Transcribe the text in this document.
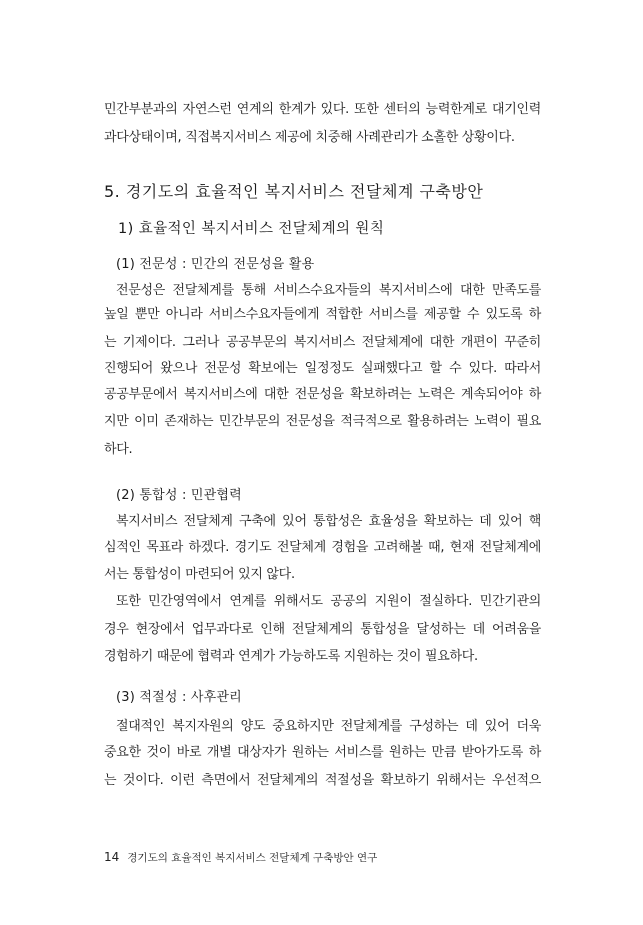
민간부분과의 자연스런 연계의 한계가 있다. 또한 센터의 능력한계로 대기인력
과다상태이며, 직접복지서비스 제공에 치중해 사례관리가 소홀한 상황이다.
5. 경기도의 효율적인 복지서비스 전달체계 구축방안
1) 효율적인 복지서비스 전달체계의 원칙
(1) 전문성 : 민간의 전문성을 활용
전문성은 전달체계를 통해 서비스수요자들의 복지서비스에 대한 만족도를
높일 뿐만 아니라 서비스수요자들에게 적합한 서비스를 제공할 수 있도록 하
는 기제이다. 그러나 공공부문의 복지서비스 전달체계에 대한 개편이 꾸준히
진행되어 왔으나 전문성 확보에는 일정정도 실패했다고 할 수 있다. 따라서
공공부문에서 복지서비스에 대한 전문성을 확보하려는 노력은 계속되어야 하
지만 이미 존재하는 민간부문의 전문성을 적극적으로 활용하려는 노력이 필요
하다.
(2) 통합성 : 민관협력
복지서비스 전달체계 구축에 있어 통합성은 효율성을 확보하는 데 있어 핵
심적인 목표라 하겠다. 경기도 전달체계 경험을 고려해볼 때, 현재 전달체계에
서는 통합성이 마련되어 있지 않다.
또한 민간영역에서 연계를 위해서도 공공의 지원이 절실하다. 민간기관의
경우 현장에서 업무과다로 인해 전달체계의 통합성을 달성하는 데 어려움을
경험하기 때문에 협력과 연계가 가능하도록 지원하는 것이 필요하다.
(3) 적절성 : 사후관리
절대적인 복지자원의 양도 중요하지만 전달체계를 구성하는 데 있어 더욱
중요한 것이 바로 개별 대상자가 원하는 서비스를 원하는 만큼 받아가도록 하
는 것이다. 이런 측면에서 전달체계의 적절성을 확보하기 위해서는 우선적으
14 경기도의 효율적인 복지서비스 전달체계 구축방안 연구
